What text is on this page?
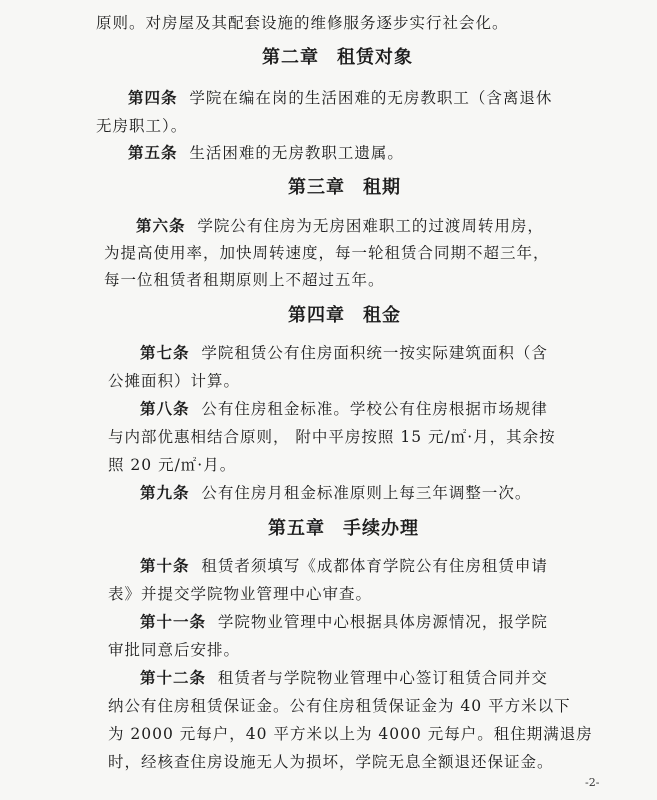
原则。对房屋及其配套设施的维修服务逐步实行社会化。
第二章 租赁对象
第四条 学院在编在岗的生活困难的无房教职工（含离退休
无房职工）。
第五条 生活困难的无房教职工遗属。
第三章 租期
第六条 学院公有住房为无房困难职工的过渡周转用房，
为提高使用率，加快周转速度，每一轮租赁合同期不超三年，
每一位租赁者租期原则上不超过五年。
第四章 租金
第七条 学院租赁公有住房面积统一按实际建筑面积（含
公摊面积）计算。
第八条 公有住房租金标准。学校公有住房根据市场规律
与内部优惠相结合原则， 附中平房按照 15 元/㎡·月，其余按
照 20 元/㎡·月。
第九条 公有住房月租金标准原则上每三年调整一次。
第五章 手续办理
第十条 租赁者须填写《成都体育学院公有住房租赁申请
表》并提交学院物业管理中心审查。
第十一条 学院物业管理中心根据具体房源情况，报学院
审批同意后安排。
第十二条 租赁者与学院物业管理中心签订租赁合同并交
纳公有住房租赁保证金。公有住房租赁保证金为 40 平方米以下
为 2000 元每户，40 平方米以上为 4000 元每户。租住期满退房
时，经核查住房设施无人为损坏，学院无息全额退还保证金。
-2-
